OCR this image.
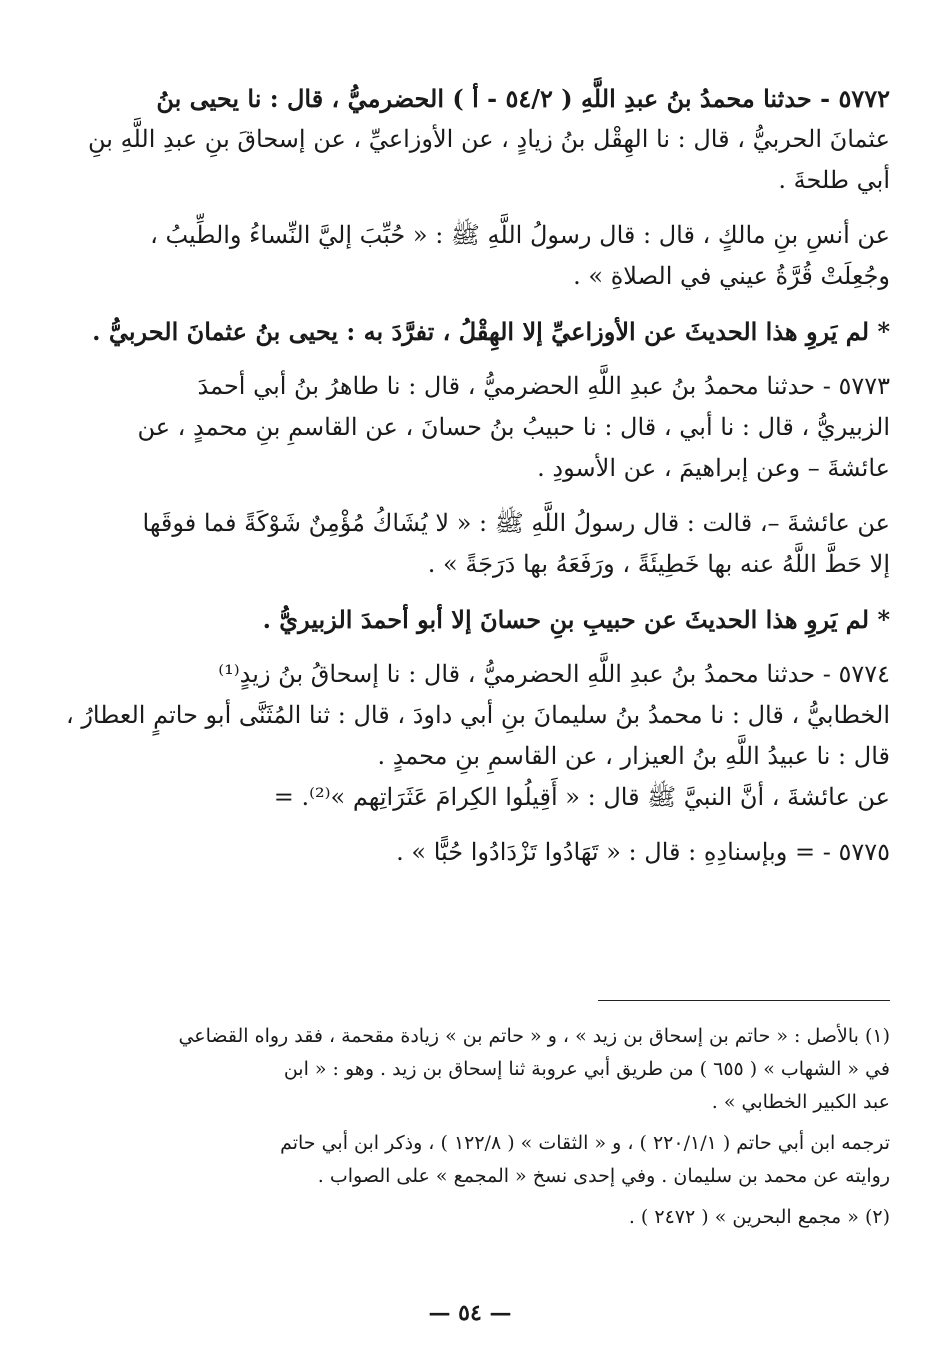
٥٧٧٢ - حدثنا محمدُ بنُ عبدِ اللَّهِ ( ٥٤/٢ - أ ) الحضرميُّ ، قال : نا يحيى بنُ
عثمانَ الحربيُّ ، قال : نا الهِقْل بنُ زيادٍ ، عن الأوزاعيِّ ، عن إسحاقَ بنِ عبدِ اللَّهِ بنِ
أبي طلحةَ .
عن أنسِ بنِ مالكٍ ، قال : قال رسولُ اللَّهِ ﷺ : « حُبِّبَ إليَّ النِّساءُ والطِّيبُ ،
وجُعِلَتْ قُرَّةُ عيني في الصلاةِ » .
* لم يَروِ هذا الحديثَ عن الأوزاعيِّ إلا الهِقْلُ ، تفرَّدَ به : يحيى بنُ عثمانَ الحربيُّ .
٥٧٧٣ - حدثنا محمدُ بنُ عبدِ اللَّهِ الحضرميُّ ، قال : نا طاهرُ بنُ أبي أحمدَ
الزبيريُّ ، قال : نا أبي ، قال : نا حبيبُ بنُ حسانَ ، عن القاسمِ بنِ محمدٍ ، عن
عائشةَ – وعن إبراهيمَ ، عن الأسودِ .
عن عائشةَ –، قالت : قال رسولُ اللَّهِ ﷺ : « لا يُشَاكُ مُؤْمِنٌ شَوْكَةً فما فوقَها
إلا حَطَّ اللَّهُ عنه بها خَطِيئَةً ، ورَفَعَهُ بها دَرَجَةً » .
* لم يَروِ هذا الحديثَ عن حبيبِ بنِ حسانَ إلا أبو أحمدَ الزبيريُّ .
٥٧٧٤ - حدثنا محمدُ بنُ عبدِ اللَّهِ الحضرميُّ ، قال : نا إسحاقُ بنُ زيدٍ⁽¹⁾
الخطابيُّ ، قال : نا محمدُ بنُ سليمانَ بنِ أبي داودَ ، قال : ثنا المُثَنَّى أبو حاتمٍ العطارُ ،
قال : نا عبيدُ اللَّهِ بنُ العيزار ، عن القاسمِ بنِ محمدٍ .
عن عائشةَ ، أنَّ النبيَّ ﷺ قال : « أَقِيلُوا الكِرامَ عَثَرَاتِهم »⁽²⁾. =
٥٧٧٥ - = وبإسنادِهِ : قال : « تَهَادُوا تَزْدَادُوا حُبًّا » .
(١) بالأصل : « حاتم بن إسحاق بن زيد » ، و « حاتم بن » زيادة مقحمة ، فقد رواه القضاعي
في « الشهاب » ( ٦٥٥ ) من طريق أبي عروبة ثنا إسحاق بن زيد . وهو : « ابن
عبد الكبير الخطابي » .
ترجمه ابن أبي حاتم ( ٢٢٠/١/١ ) ، و « الثقات » ( ١٢٢/٨ ) ، وذكر ابن أبي حاتم
روايته عن محمد بن سليمان . وفي إحدى نسخ « المجمع » على الصواب .
(٢) « مجمع البحرين » ( ٢٤٧٢ ) .
— ٥٤ —
